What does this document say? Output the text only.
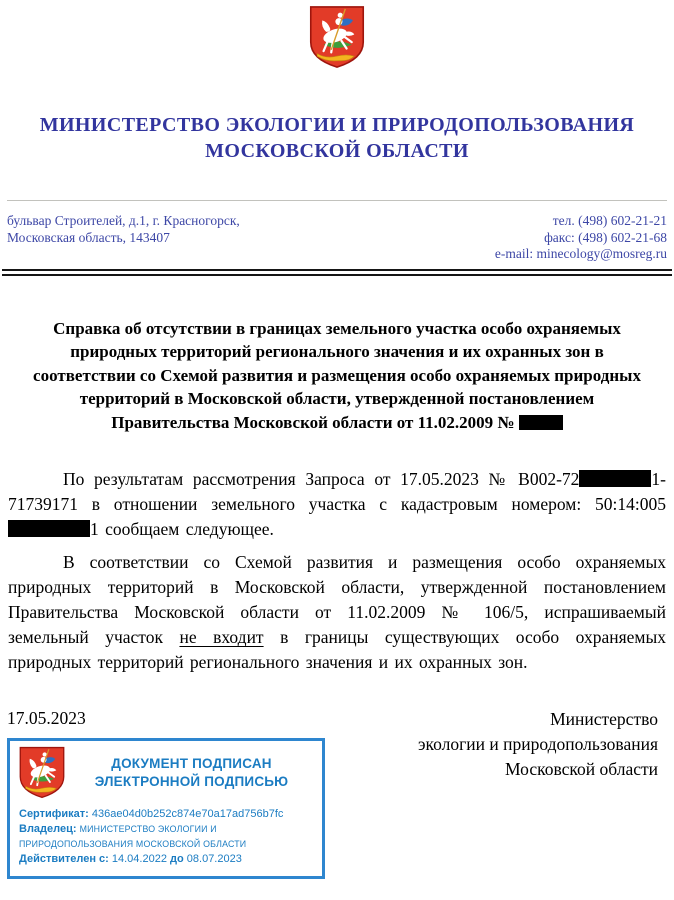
МИНИСТЕРСТВО ЭКОЛОГИИ И ПРИРОДОПОЛЬЗОВАНИЯ
МОСКОВСКОЙ ОБЛАСТИ
бульвар Строителей, д.1, г. Красногорск,
Московская область, 143407
тел. (498) 602-21-21
факс: (498) 602-21-68
e-mail: minecology@mosreg.ru
Справка об отсутствии в границах земельного участка особо охраняемых природных территорий регионального значения и их охранных зон в соответствии со Схемой развития и размещения особо охраняемых природных территорий в Московской области, утвержденной постановлением Правительства Московской области от 11.02.2009 №

По результатам рассмотрения Запроса от 17.05.2023 № В002-72	1-71739171 в отношении земельного участка с кадастровым номером: 50:14:0051 сообщаем следующее.

В соответствии со Схемой развития и размещения особо охраняемых природных территорий в Московской области, утвержденной постановлением Правительства Московской области от 11.02.2009 № 106/5, испрашиваемый земельный участок не входит в границы существующих особо охраняемых природных территорий регионального значения и их охранных зон.

17.05.2023
ДОКУМЕНТ ПОДПИСАН
ЭЛЕКТРОННОЙ ПОДПИСЬЮ
Сертификат: 436ae04d0b252c874e70a17ad756b7fc
Владелец: МИНИСТЕРСТВО ЭКОЛОГИИ И ПРИРОДОПОЛЬЗОВАНИЯ МОСКОВСКОЙ ОБЛАСТИ
Действителен с: 14.04.2022 до 08.07.2023
Министерство
экологии и природопользования
Московской области
